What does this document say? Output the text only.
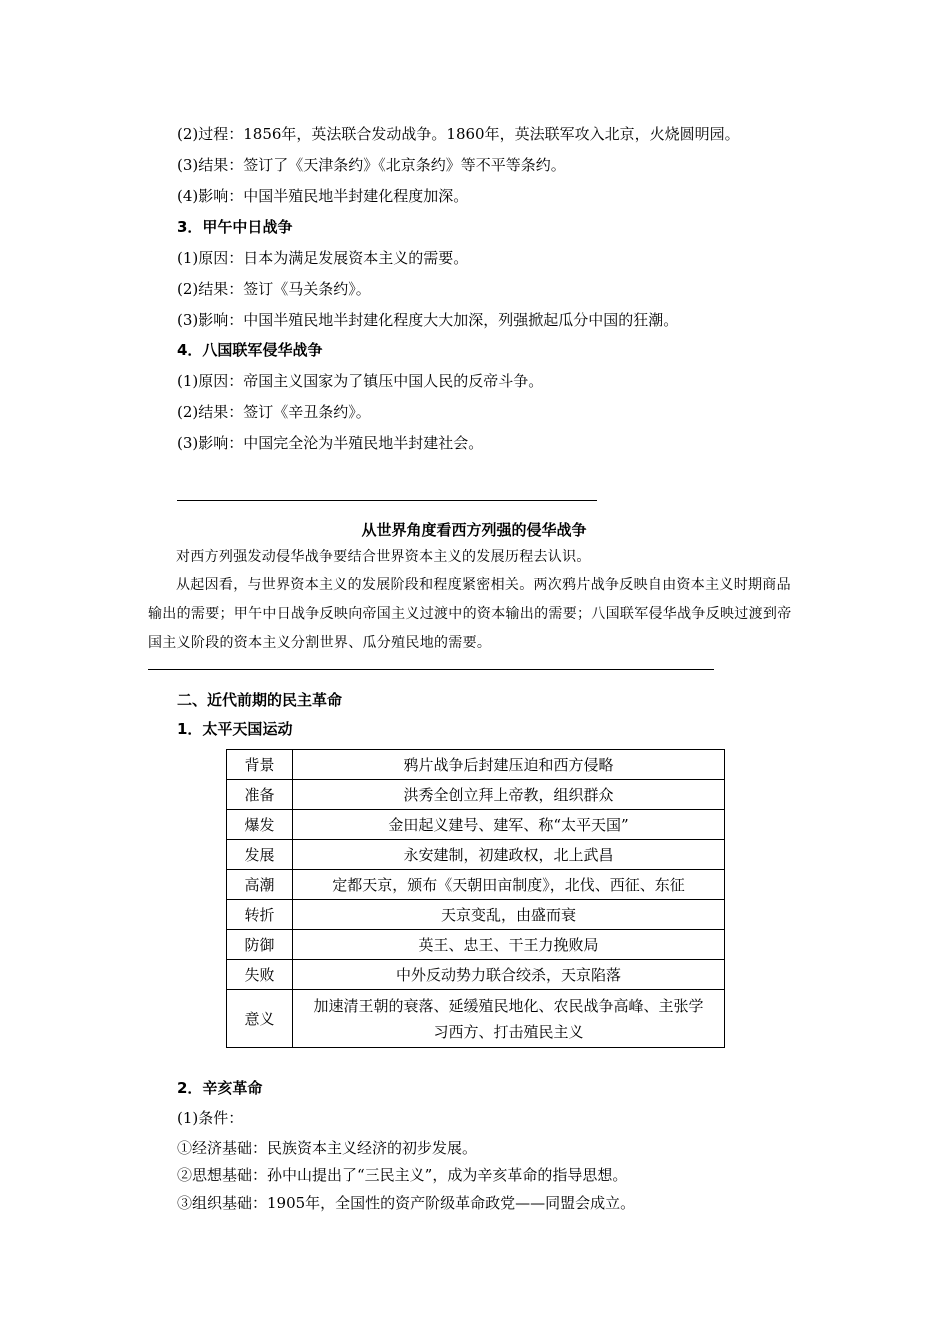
(2)过程：1856年，英法联合发动战争。1860年，英法联军攻入北京，火烧圆明园。
(3)结果：签订了《天津条约》《北京条约》等不平等条约。
(4)影响：中国半殖民地半封建化程度加深。
3．甲午中日战争
(1)原因：日本为满足发展资本主义的需要。
(2)结果：签订《马关条约》。
(3)影响：中国半殖民地半封建化程度大大加深，列强掀起瓜分中国的狂潮。
4．八国联军侵华战争
(1)原因：帝国主义国家为了镇压中国人民的反帝斗争。
(2)结果：签订《辛丑条约》。
(3)影响：中国完全沦为半殖民地半封建社会。
从世界角度看西方列强的侵华战争

对西方列强发动侵华战争要结合世界资本主义的发展历程去认识。

从起因看，与世界资本主义的发展阶段和程度紧密相关。两次鸦片战争反映自由资本主义时期商品输出的需要；甲午中日战争反映向帝国主义过渡中的资本输出的需要；八国联军侵华战争反映过渡到帝国主义阶段的资本主义分割世界、瓜分殖民地的需要。

二、近代前期的民主革命
1．太平天国运动
背景	鸦片战争后封建压迫和西方侵略
准备	洪秀全创立拜上帝教，组织群众
爆发	金田起义建号、建军、称“太平天国”
发展	永安建制，初建政权，北上武昌
高潮	定都天京，颁布《天朝田亩制度》，北伐、西征、东征
转折	天京变乱，由盛而衰
防御	英王、忠王、干王力挽败局
失败	中外反动势力联合绞杀，天京陷落
意义	加速清王朝的衰落、延缓殖民地化、农民战争高峰、主张学习西方、打击殖民主义
2．辛亥革命
(1)条件：
①经济基础：民族资本主义经济的初步发展。
②思想基础：孙中山提出了“三民主义”，成为辛亥革命的指导思想。
③组织基础：1905年，全国性的资产阶级革命政党——同盟会成立。
